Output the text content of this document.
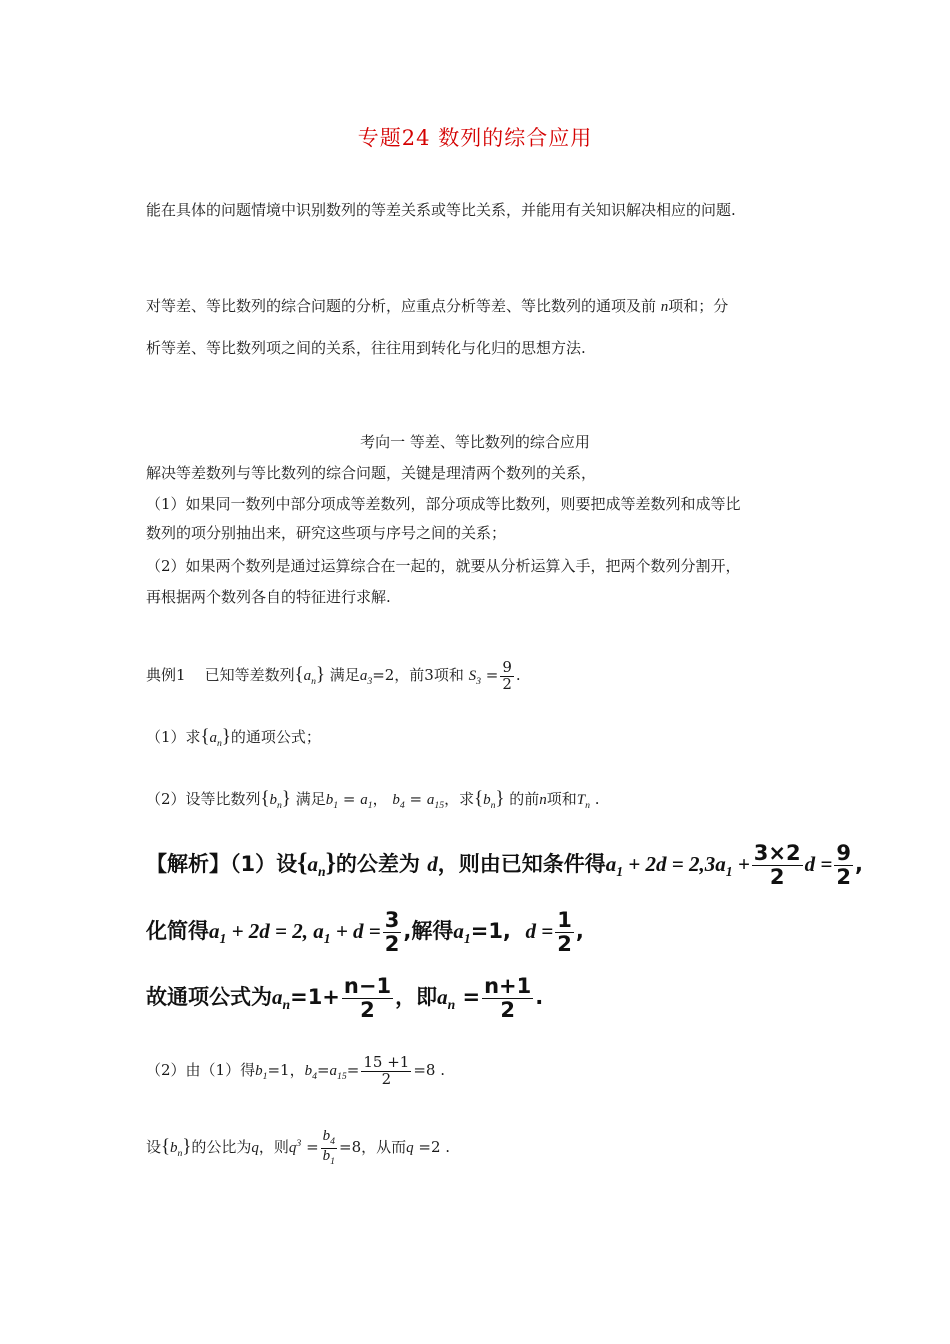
专题24 数列的综合应用
能在具体的问题情境中识别数列的等差关系或等比关系，并能用有关知识解决相应的问题.
对等差、等比数列的综合问题的分析，应重点分析等差、等比数列的通项及前 n项和；分
析等差、等比数列项之间的关系，往往用到转化与化归的思想方法.
考向一 等差、等比数列的综合应用
解决等差数列与等比数列的综合问题，关键是理清两个数列的关系，
（1）如果同一数列中部分项成等差数列，部分项成等比数列，则要把成等差数列和成等比
数列的项分别抽出来，研究这些项与序号之间的关系；
（2）如果两个数列是通过运算综合在一起的，就要从分析运算入手，把两个数列分割开，
再根据两个数列各自的特征进行求解.
典例1 已知等差数列$\{a_n\}$ 满足$a_3=2$，前3项和 $S_3 = \frac{9}{2}$ .
（1）求$\{a_n\}$的通项公式；
（2）设等比数列$\{b_n\}$ 满足$b_1 = a_1$， $b_4 = a_{15}$，求$\{b_n\}$ 的前n项和$T_n$ .
【解析】（1）设$\{a_n\}$的公差为 d，则由已知条件得$a_1 + 2d = 2,3a_1 + \frac{3\times 2}{2}$ $d = \frac{9}{2}$ ,
化简得$a_1 + 2d = 2$, $a_1 + d = \frac{3}{2}$ ,解得$a_1=1$,  $d = \frac{1}{2}$ ,
故通项公式为$a_n=1+ \frac{n-1}{2}$ ，即$a_n = \frac{n+1}{2}$ .
（2）由（1）得$b_1=1$，$b_4=a_{15}= \frac{15 +1}{2} =8$ .
设$\{b_n\}$的公比为q，则$q^3 = \frac{b_4}{b_1} =8$，从而q =2 .
